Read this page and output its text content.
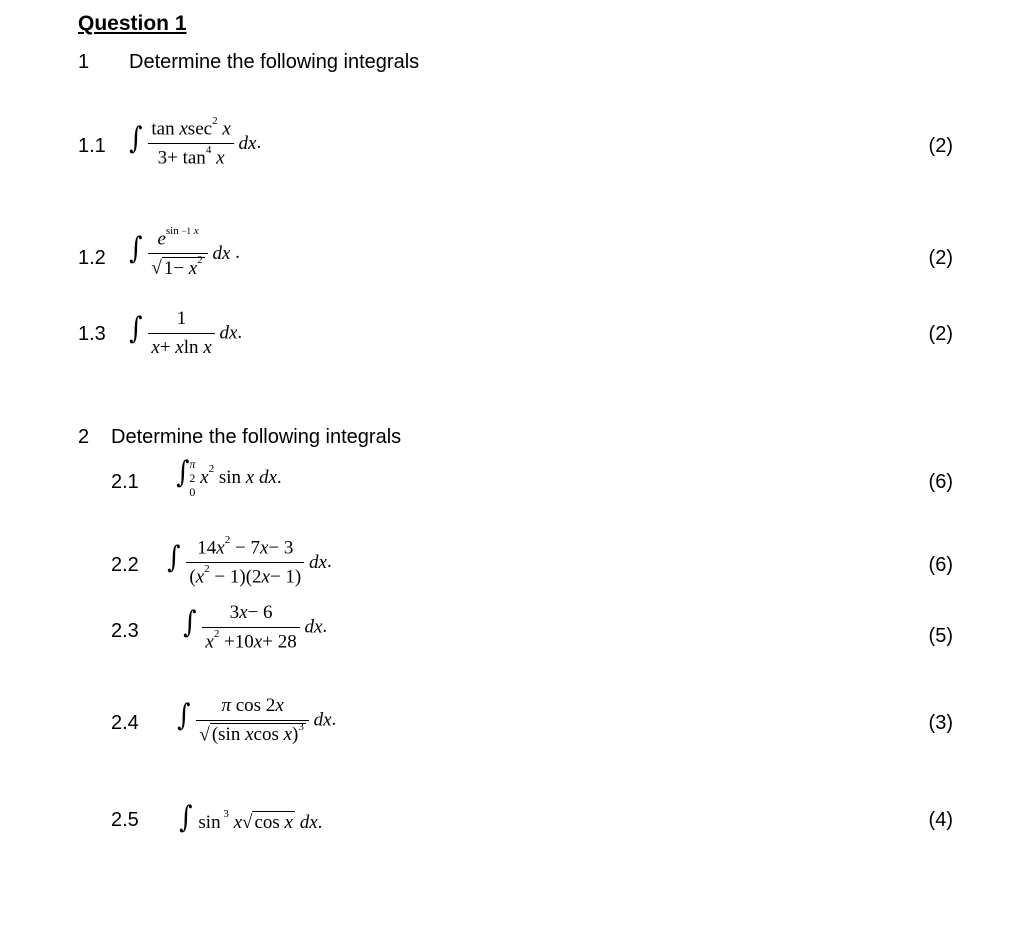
Question 1
1 Determine the following integrals
1.1 ∫ $\frac{\tan xsec^2 x}{3+ \tan^4 x}$ dx.
1.2 ∫ $\frac{e^{sin -1 x}}{√ 1- x^2}$ dx .
1.3 ∫ $\frac{1}{\text{x+ xln x}}$ dx.
(2)
(2)
(2)
2 Determine the following integrals
2.1 ∫ π
2
0
$x^2$ sin x dx.
2.2 ∫ $\frac{14x^2 - 7x- 3}{(x^2 - 1)(2x- 1)}$ dx.
2.3 ∫ $\frac{3x- 6}{x^2 +10x+ 28}$ dx.
2.4 ∫ $\frac{\text{π cos 2x}}{√ (\sin xcos x)^3}$ dx.
2.5 ∫ sin $^3$ x√ cos x dx.
(6)
(6)
(5)
(3)
(4)
